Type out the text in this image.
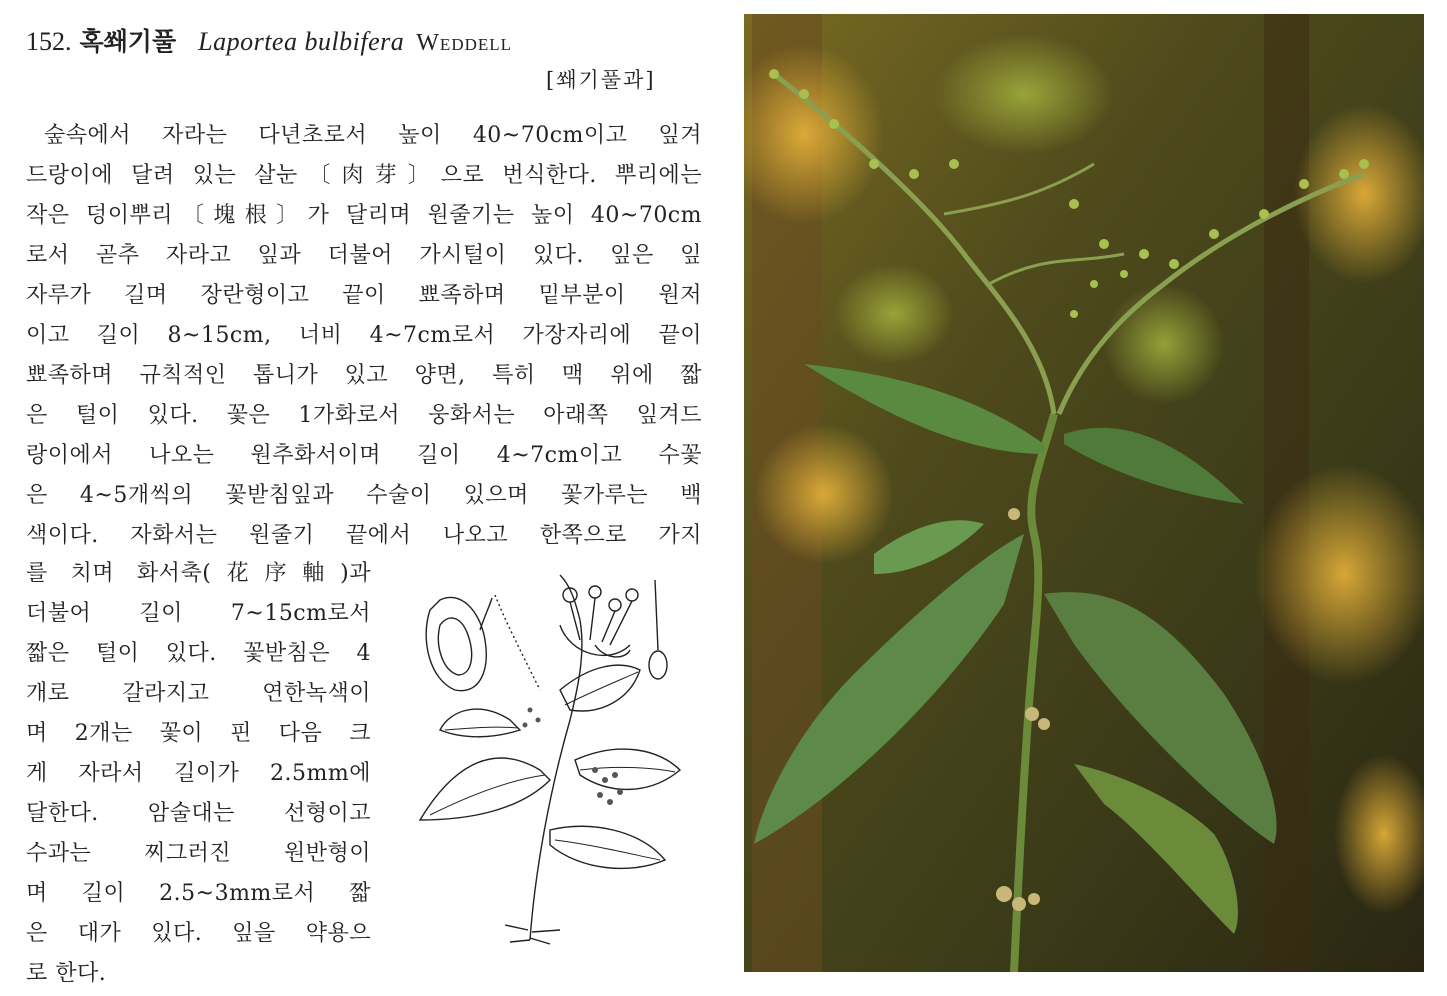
152. 혹쐐기풀 Laportea bulbifera Weddell
[쐐기풀과]
숲속에서 자라는 다년초로서 높이 40~70cm이고 잎겨
드랑이에 달려 있는 살눈〔肉芽〕으로 번식한다. 뿌리에는
작은 덩이뿌리〔塊根〕가 달리며 원줄기는 높이 40~70cm
로서 곧추 자라고 잎과 더불어 가시털이 있다. 잎은 잎
자루가 길며 장란형이고 끝이 뾰족하며 밑부분이 원저
이고 길이 8~15cm, 너비 4~7cm로서 가장자리에 끝이
뾰족하며 규칙적인 톱니가 있고 양면, 특히 맥 위에 짧
은 털이 있다. 꽃은 1가화로서 웅화서는 아래쪽 잎겨드
랑이에서 나오는 원추화서이며 길이 4~7cm이고 수꽃
은 4~5개씩의 꽃받침잎과 수술이 있으며 꽃가루는 백
색이다. 자화서는 원줄기 끝에서 나오고 한쪽으로 가지
를 치며 화서축(花序軸)과
더불어 길이 7~15cm로서
짧은 털이 있다. 꽃받침은 4
개로 갈라지고 연한녹색이
며 2개는 꽃이 핀 다음 크
게 자라서 길이가 2.5mm에
달한다. 암술대는 선형이고
수과는 찌그러진 원반형이
며 길이 2.5~3mm로서 짧
은 대가 있다. 잎을 약용으
로 한다.
